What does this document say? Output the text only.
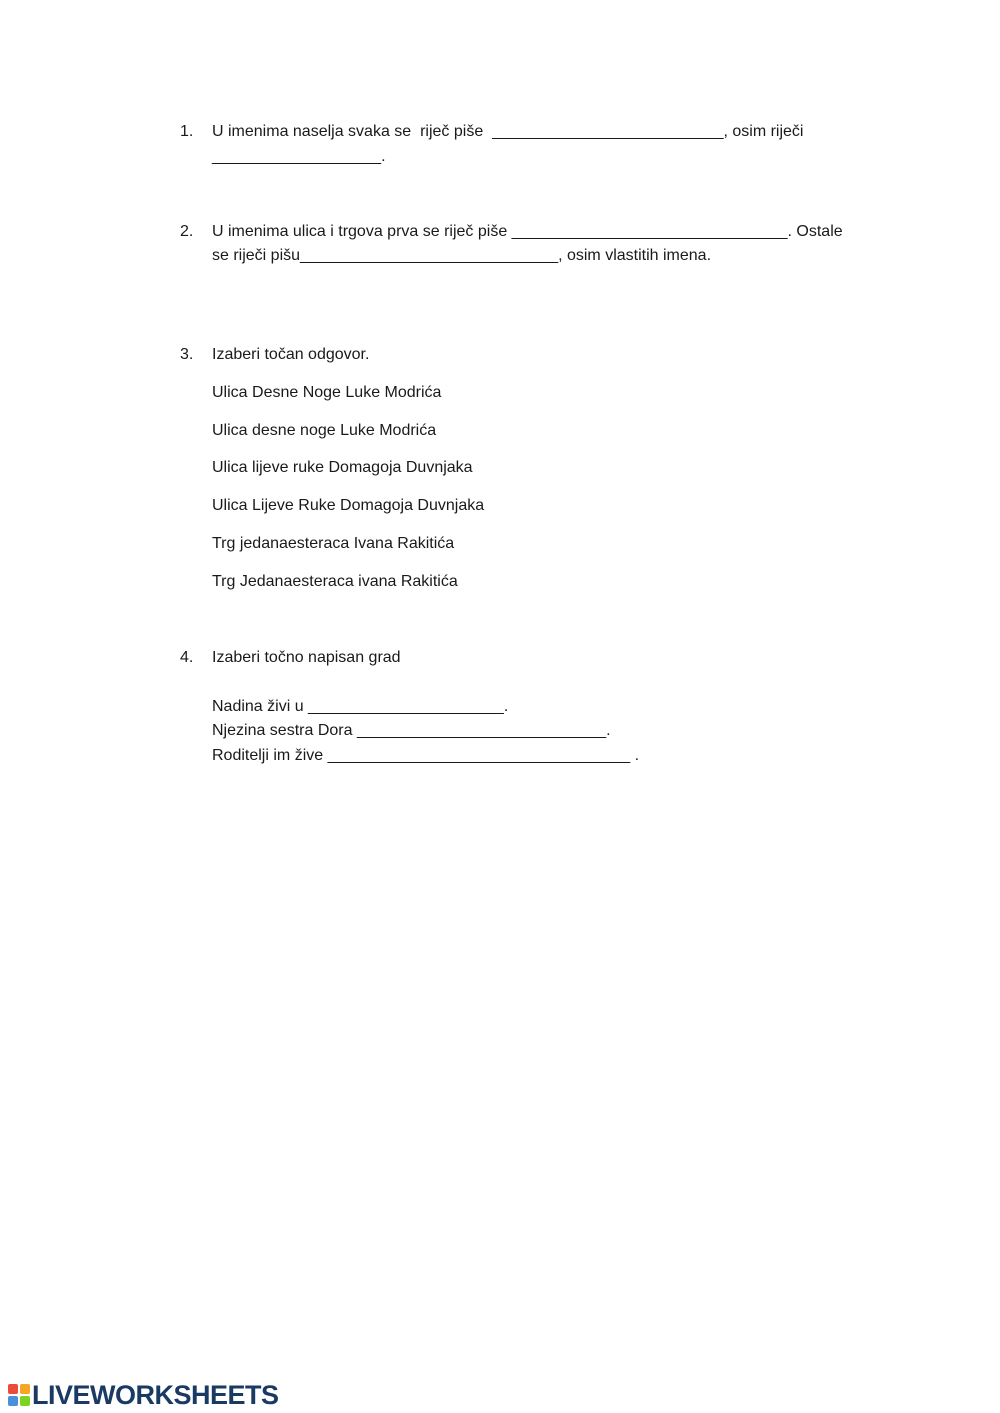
1. U imenima naselja svaka se  riječ piše  __________________________, osim riječi
___________________.
2. U imenima ulica i trgova prva se riječ piše _______________________________. Ostale
se riječi pišu_____________________________, osim vlastitih imena.
3. Izaberi točan odgovor.
Ulica Desne Noge Luke Modrića
Ulica desne noge Luke Modrića
Ulica lijeve ruke Domagoja Duvnjaka
Ulica Lijeve Ruke Domagoja Duvnjaka
Trg jedanaesteraca Ivana Rakitića
Trg Jedanaesteraca ivana Rakitića
4. Izaberi točno napisan grad
Nadina živi u ______________________.
Njezina sestra Dora ____________________________.
Roditelji im žive __________________________________ .
LIVEWORKSHEETS
